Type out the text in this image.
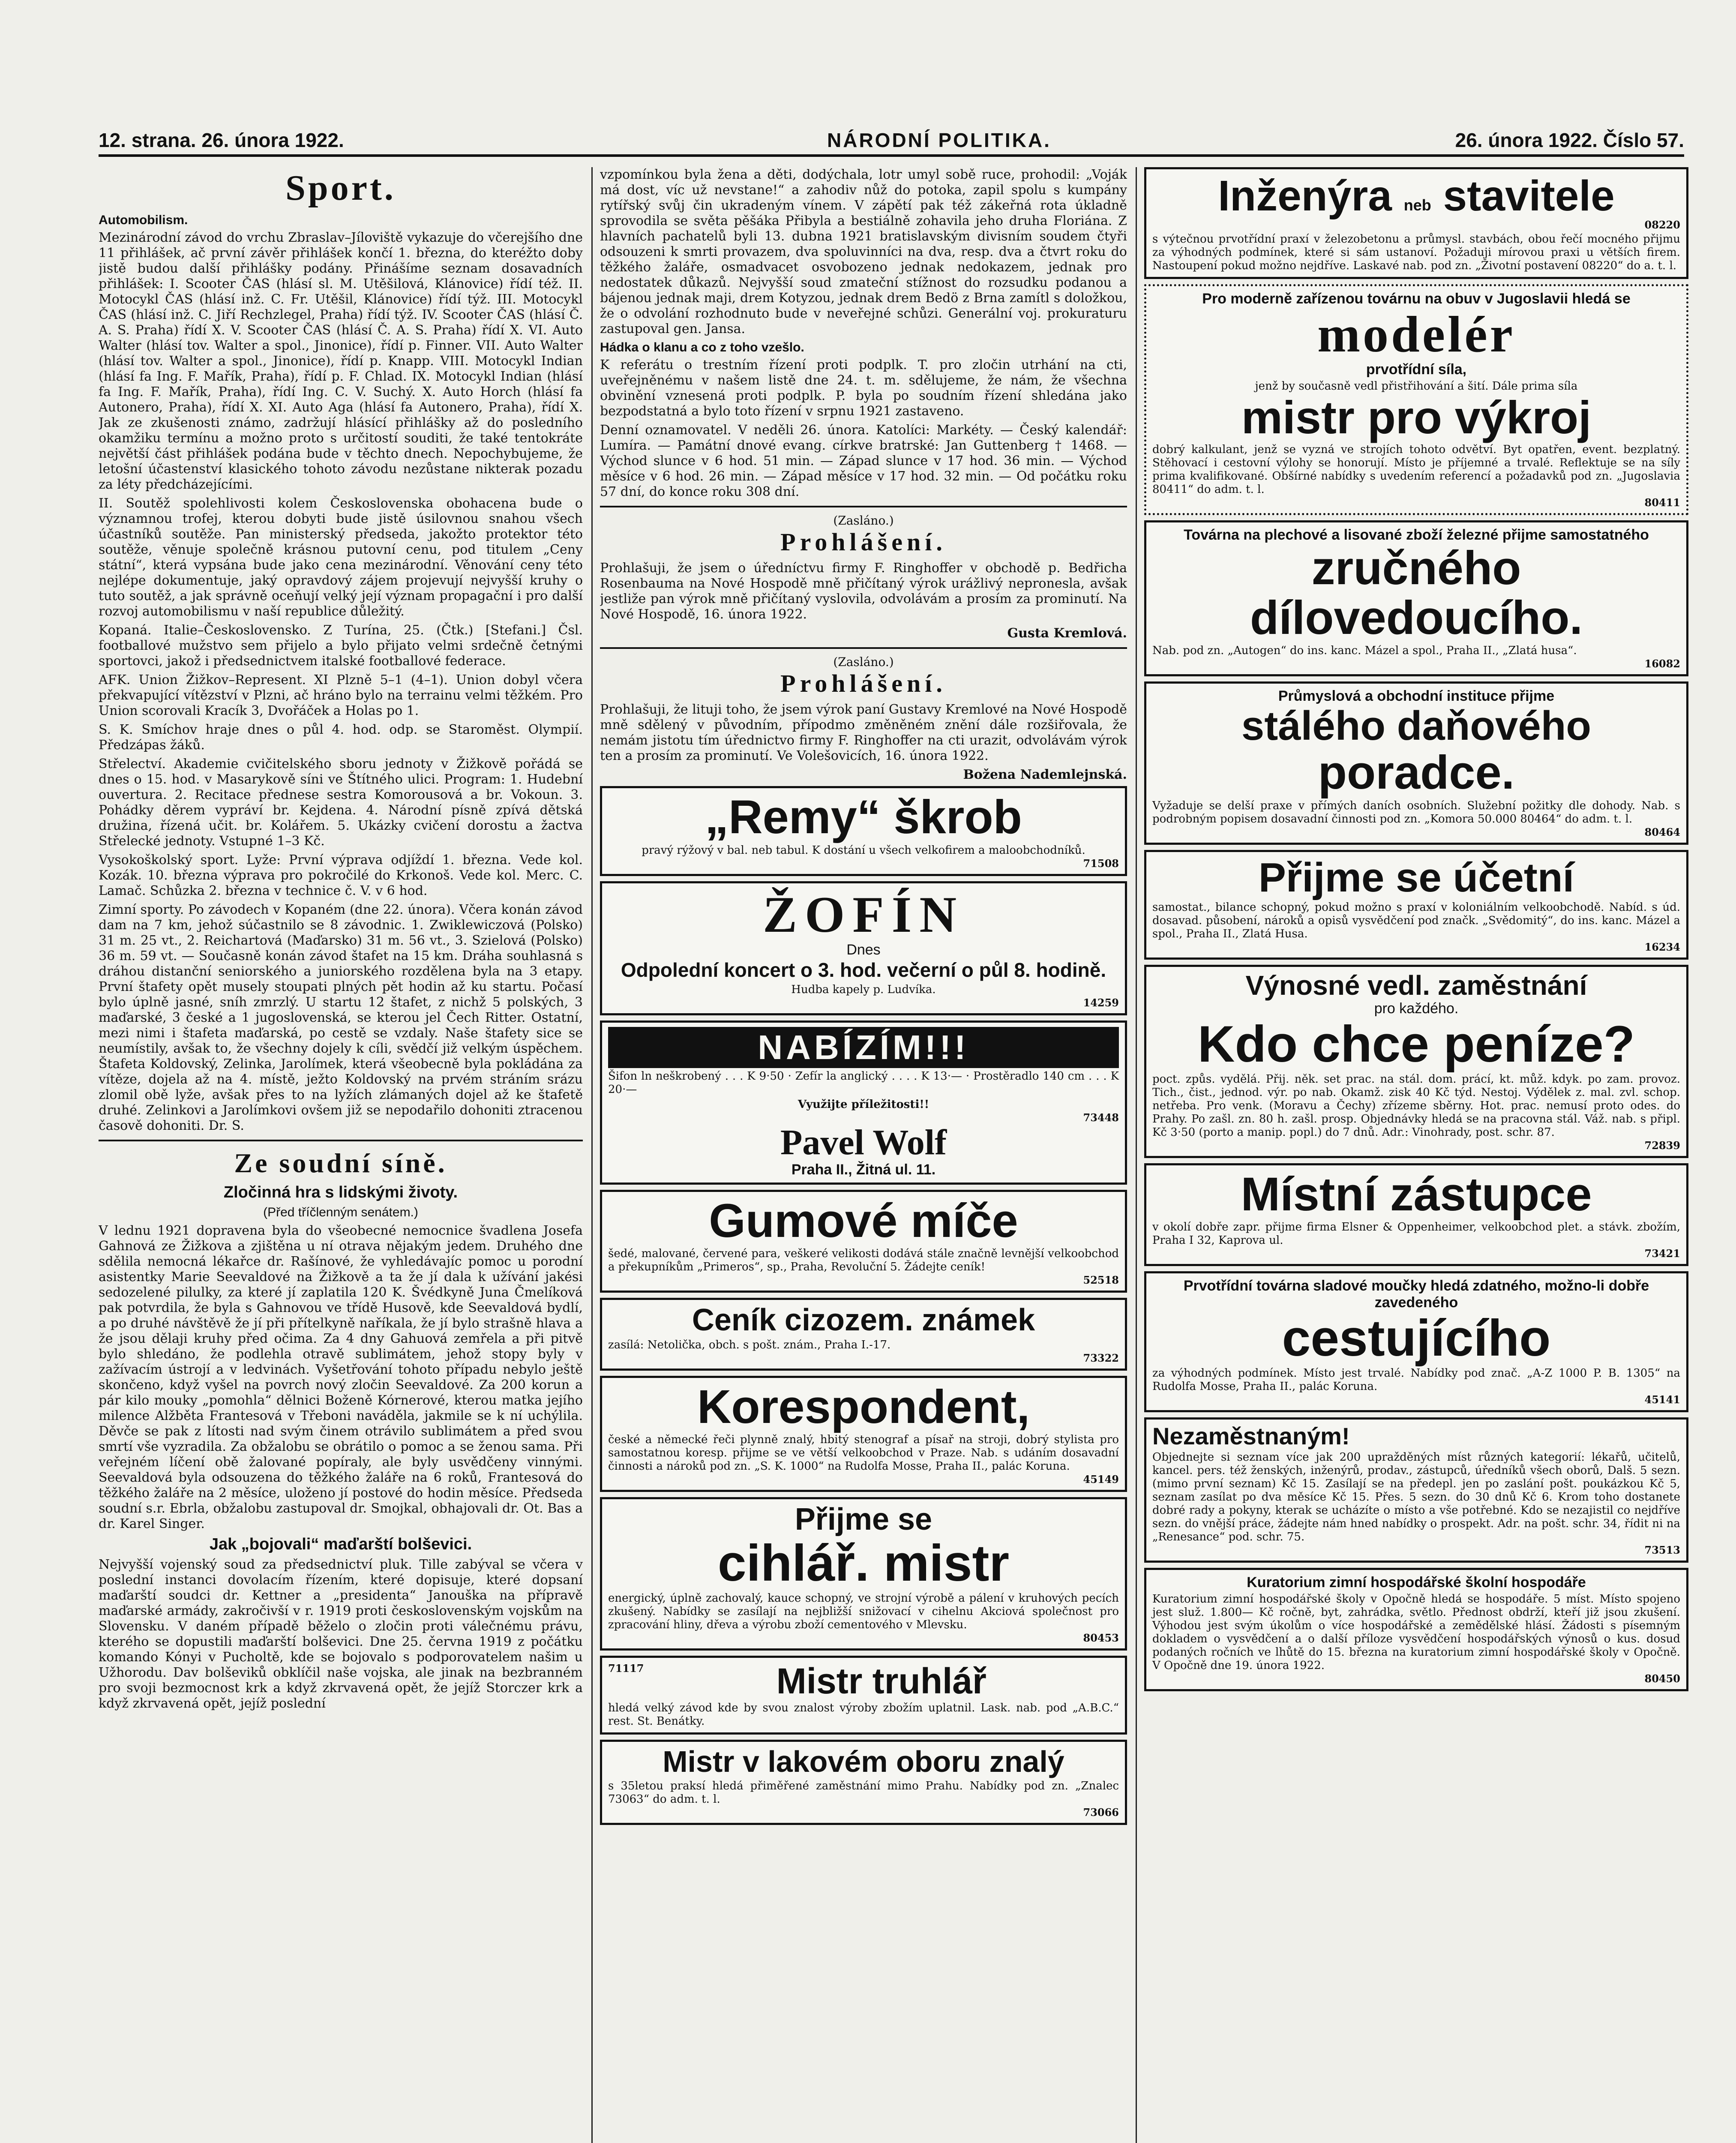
12. strana. 26. února 1922.	NÁRODNÍ POLITIKA.	26. února 1922. Číslo 57.
Sport.
Automobilism.

Mezinárodní závod do vrchu Zbraslav–Jíloviště vykazuje do včerejšího dne 11 přihlášek, ač první závěr přihlášek končí 1. března, do kteréžto doby jistě budou další přihlášky podány. Přinášíme seznam dosavadních přihlášek: I. Scooter ČAS (hlásí sl. M. Utěšilová, Klánovice) řídí též. II. Motocykl ČAS (hlásí inž. C. Fr. Utěšil, Klánovice) řídí týž. III. Motocykl ČAS (hlásí inž. C. Jiří Rechzlegel, Praha) řídí týž. IV. Scooter ČAS (hlásí Č. A. S. Praha) řídí X. V. Scooter ČAS (hlásí Č. A. S. Praha) řídí X. VI. Auto Walter (hlásí tov. Walter a spol., Jinonice), řídí p. Finner. VII. Auto Walter (hlásí tov. Walter a spol., Jinonice), řídí p. Knapp. VIII. Motocykl Indian (hlásí fa Ing. F. Mařík, Praha), řídí p. F. Chlad. IX. Motocykl Indian (hlásí fa Ing. F. Mařík, Praha), řídí Ing. C. V. Suchý. X. Auto Horch (hlásí fa Autonero, Praha), řídí X. XI. Auto Aga (hlásí fa Autonero, Praha), řídí X. Jak ze zkušenosti známo, zadržují hlásící přihlášky až do posledního okamžiku termínu a možno proto s určitostí souditi, že také tentokráte největší část přihlášek podána bude v těchto dnech. Nepochybujeme, že letošní účastenství klasického tohoto závodu nezůstane nikterak pozadu za léty předcházejícími.

II. Soutěž spolehlivosti kolem Československa obohacena bude o významnou trofej, kterou dobyti bude jistě úsilovnou snahou všech účastníků soutěže. Pan ministerský předseda, jakožto protektor této soutěže, věnuje společně krásnou putovní cenu, pod titulem „Ceny státní“, která vypsána bude jako cena mezinárodní. Věnování ceny této nejlépe dokumentuje, jaký opravdový zájem projevují nejvyšší kruhy o tuto soutěž, a jak správně oceňují velký její význam propagační i pro další rozvoj automobilismu v naší republice důležitý.

Kopaná. Italie–Československo. Z Turína, 25. (Čtk.) [Stefani.] Čsl. footballové mužstvo sem přijelo a bylo přijato velmi srdečně četnými sportovci, jakož i předsednictvem italské footballové federace.

AFK. Union Žižkov–Represent. XI Plzně 5–1 (4–1). Union dobyl včera překvapující vítězství v Plzni, ač hráno bylo na terrainu velmi těžkém. Pro Union scorovali Kracík 3, Dvořáček a Holas po 1.

S. K. Smíchov hraje dnes o půl 4. hod. odp. se Staroměst. Olympií. Předzápas žáků.

Střelectví. Akademie cvičitelského sboru jednoty v Žižkově pořádá se dnes o 15. hod. v Masarykově síni ve Štítného ulici. Program: 1. Hudební ouvertura. 2. Recitace přednese sestra Komorousová a br. Vokoun. 3. Pohádky děrem vypráví br. Kejdena. 4. Národní písně zpívá dětská družina, řízená učit. br. Kolářem. 5. Ukázky cvičení dorostu a žactva Střelecké jednoty. Vstupné 1–3 Kč.

Vysokoškolský sport. Lyže: První výprava odjíždí 1. března. Vede kol. Kozák. 10. března výprava pro pokročilé do Krkonoš. Vede kol. Merc. C. Lamač. Schůzka 2. března v technice č. V. v 6 hod.

Zimní sporty. Po závodech v Kopaném (dne 22. února). Včera konán závod dam na 7 km, jehož súčastnilo se 8 závodnic. 1. Zwiklewiczová (Polsko) 31 m. 25 vt., 2. Reichartová (Maďarsko) 31 m. 56 vt., 3. Szielová (Polsko) 36 m. 59 vt. — Současně konán závod štafet na 15 km. Dráha souhlasná s dráhou distanční seniorského a juniorského rozdělena byla na 3 etapy. První štafety opět musely stoupati plných pět hodin až ku startu. Počasí bylo úplně jasné, sníh zmrzlý. U startu 12 štafet, z nichž 5 polských, 3 maďarské, 3 české a 1 jugoslovenská, se kterou jel Čech Ritter. Ostatní, mezi nimi i štafeta maďarská, po cestě se vzdaly. Naše štafety sice se neumístily, avšak to, že všechny dojely k cíli, svědčí již velkým úspěchem. Štafeta Koldovský, Zelinka, Jarolímek, která všeobecně byla pokládána za vítěze, dojela až na 4. místě, ježto Koldovský na prvém stráním srázu zlomil obě lyže, avšak přes to na lyžích zlámaných dojel až ke štafetě druhé. Zelinkovi a Jarolímkovi ovšem již se nepodařilo dohoniti ztracenou časově dohoniti. Dr. S.

Ze soudní síně.
Zločinná hra s lidskými životy.
(Před tříčlenným senátem.)

V lednu 1921 dopravena byla do všeobecné nemocnice švadlena Josefa Gahnová ze Žižkova a zjištěna u ní otrava nějakým jedem. Druhého dne sdělila nemocná lékařce dr. Rašínové, že vyhledávajíc pomoc u porodní asistentky Marie Seevaldové na Žižkově a ta že jí dala k užívání jakési sedozelené pilulky, za které jí zaplatila 120 K. Švédkyně Juna Čmelíková pak potvrdila, že byla s Gahnovou ve třídě Husově, kde Seevaldová bydlí, a po druhé návštěvě že jí při přítelkyně naříkala, že jí bylo strašně hlava a že jsou dělaji kruhy před očima. Za 4 dny Gahuová zemřela a při pitvě bylo shledáno, že podlehla otravě sublimátem, jehož stopy byly v zažívacím ústrojí a v ledvinách. Vyšetřování tohoto případu nebylo ještě skončeno, když vyšel na povrch nový zločin Seevaldové. Za 200 korun a pár kilo mouky „pomohla“ dělnici Boženě Kórnerové, kterou matka jejího milence Alžběta Frantesová v Třeboni naváděla, jakmile se k ní uchýlila. Děvče se pak z lítosti nad svým činem otrávilo sublimátem a před svou smrtí vše vyzradila. Za obžalobu se obrátilo o pomoc a se ženou sama. Při veřejném líčení obě žalované popíraly, ale byly usvědčeny vinnými. Seevaldová byla odsouzena do těžkého žaláře na 6 roků, Frantesová do těžkého žaláře na 2 měsíce, uloženo jí postové do hodin měsíce. Předseda soudní s.r. Ebrla, obžalobu zastupoval dr. Smojkal, obhajovali dr. Ot. Bas a dr. Karel Singer.

Jak „bojovali“ maďarští bolševici.

Nejvyšší vojenský soud za předsednictví pluk. Tille zabýval se včera v poslední instanci dovolacím řízením, které dopisuje, které dopsaní maďarští soudci dr. Kettner a „presidenta“ Janouška na přípravě maďarské armády, zakročivší v r. 1919 proti československým vojskům na Slovensku. V daném případě běželo o zločin proti válečnému právu, kterého se dopustili maďarští bolševici. Dne 25. června 1919 z počátku komando Kónyi v Pucholtě, kde se bojovalo s podporovatelem našim u Užhorodu. Dav bolševiků obklíčil naše vojska, ale jinak na bezbranném pro svoji bezmocnost krk a když zkrvavená opět, že jejíž Storczer krk a když zkrvavená opět, jejíž poslední

vzpomínkou byla žena a děti, dodýchala, lotr umyl sobě ruce, prohodil: „Voják má dost, víc už nevstane!“ a zahodiv nůž do potoka, zapil spolu s kumpány rytířský svůj čin ukradeným vínem. V zápětí pak též zákeřná rota úkladně sprovodila se světa pěšáka Přibyla a bestiálně zohavila jeho druha Floriána. Z hlavních pachatelů byli 13. dubna 1921 bratislavským divisním soudem čtyři odsouzeni k smrti provazem, dva spoluvinníci na dva, resp. dva a čtvrt roku do těžkého žaláře, osmadvacet osvobozeno jednak nedokazem, jednak pro nedostatek důkazů. Nejvyšší soud zmateční stížnost do rozsudku podanou a bájenou jednak maji, drem Kotyzou, jednak drem Bedö z Brna zamítl s doložkou, že o odvolání rozhodnuto bude v neveřejné schůzi. Generální voj. prokuraturu zastupoval gen. Jansa.

Hádka o klanu a co z toho vzešlo.

K referátu o trestním řízení proti podplk. T. pro zločin utrhání na cti, uveřejněnému v našem listě dne 24. t. m. sdělujeme, že nám, že všechna obvinění vznesená proti podplk. P. byla po soudním řízení shledána jako bezpodstatná a bylo toto řízení v srpnu 1921 zastaveno.

Denní oznamovatel. V neděli 26. února. Katolíci: Markéty. — Český kalendář: Lumíra. — Památní dnové evang. církve bratrské: Jan Guttenberg † 1468. — Východ slunce v 6 hod. 51 min. — Západ slunce v 17 hod. 36 min. — Východ měsíce v 6 hod. 26 min. — Západ měsíce v 17 hod. 32 min. — Od počátku roku 57 dní, do konce roku 308 dní.

(Zasláno.)
Prohlášení.

Prohlašuji, že jsem o úředníctvu firmy F. Ringhoffer v obchodě p. Bedřicha Rosenbauma na Nové Hospodě mně přičítaný výrok urážlivý nepronesla, avšak jestliže pan výrok mně přičítaný vyslovila, odvolávám a prosím za prominutí. Na Nové Hospodě, 16. února 1922.

Gusta Kremlová.

(Zasláno.)
Prohlášení.

Prohlašuji, že lituji toho, že jsem výrok paní Gustavy Kremlové na Nové Hospodě mně sdělený v původním, přípodmo změněném znění dále rozšiřovala, že nemám jistotu tím úřednictvo firmy F. Ringhoffer na cti urazit, odvolávám výrok ten a prosím za prominutí. Ve Volešovicích, 16. února 1922.

Božena Nademlejnská.

„Remy“ škrob

pravý rýžový v bal. neb tabul. K dostání u všech velkofirem a maloobchodníků.

71508
ŽOFÍN
Dnes
Odpolední koncert o 3. hod. večerní o půl 8. hodině.

Hudba kapely p. Ludvíka.

14259
NABÍZÍM!!!

Šifon ln neškrobený . . . K 9·50 · Zefír la anglický . . . . K 13·— · Prostěradlo 140 cm . . . K 20·—

Využijte příležitosti!!

73448
Pavel Wolf
Praha II., Žitná ul. 11.
Gumové míče

šedé, malované, červené para, veškeré velikosti dodává stále značně levnější velkoobchod a překupníkům „Primeros“, sp., Praha, Revoluční 5. Žádejte ceník!

52518
Ceník cizozem. známek

zasílá: Netolička, obch. s pošt. znám., Praha I.-17.

73322
Korespondent,

české a německé řeči plynně znalý, hbitý stenograf a písař na stroji, dobrý stylista pro samostatnou koresp. přijme se ve větší velkoobchod v Praze. Nab. s udáním dosavadní činnosti a nároků pod zn. „S. K. 1000“ na Rudolfa Mosse, Praha II., palác Koruna.

45149
Přijme se
cihlář. mistr

energický, úplně zachovalý, kauce schopný, ve strojní výrobě a pálení v kruhových pecích zkušený. Nabídky se zasílají na nejbližší snižovací v cihelnu Akciová společnost pro zpracování hliny, dřeva a výrobu zboží cementového v Mlevsku.

80453
71117	Mistr truhlář

hledá velký závod kde by svou znalost výroby zbožím uplatnil. Lask. nab. pod „A.B.C.“ rest. St. Benátky.

Mistr v lakovém oboru znalý

s 35letou praksí hledá přiměřené zaměstnání mimo Prahu. Nabídky pod zn. „Znalec 73063“ do adm. t. l.

73066
Inženýra neb stavitele
08220

s výtečnou prvotřídní praxí v železobetonu a průmysl. stavbách, obou řečí mocného přijmu za výhodných podmínek, které si sám ustanoví. Požaduji mírovou praxi u větších firem. Nastoupení pokud možno nejdříve. Laskavé nab. pod zn. „Životní postavení 08220“ do a. t. l.

Pro moderně zařízenou továrnu na obuv v Jugoslavii hledá se
modelér
prvotřídní síla,

jenž by současně vedl přistřihování a šití. Dále prima síla

mistr pro výkroj

dobrý kalkulant, jenž se vyzná ve strojích tohoto odvětví. Byt opatřen, event. bezplatný. Stěhovací i cestovní výlohy se honorují. Místo je příjemné a trvalé. Reflektuje se na síly prima kvalifikované. Obšírné nabídky s uvedením referencí a požadavků pod zn. „Jugoslavia 80411“ do adm. t. l.

80411
Továrna na plechové a lisované zboží železné přijme samostatného
zručného
dílovedoucího.

Nab. pod zn. „Autogen“ do ins. kanc. Mázel a spol., Praha II., „Zlatá husa“.

16082
Průmyslová a obchodní instituce přijme
stálého daňového
poradce.

Vyžaduje se delší praxe v přímých daních osobních. Služební požitky dle dohody. Nab. s podrobným popisem dosavadní činnosti pod zn. „Komora 50.000 80464“ do adm. t. l.

80464
Přijme se účetní

samostat., bilance schopný, pokud možno s praxí v koloniálním velkoobchodě. Nabíd. s úd. dosavad. působení, nároků a opisů vysvědčení pod značk. „Svědomitý“, do ins. kanc. Mázel a spol., Praha II., Zlatá Husa.

16234
Výnosné vedl. zaměstnání
pro každého.
Kdo chce peníze?

poct. způs. vydělá. Přij. něk. set prac. na stál. dom. prácí, kt. můž. kdyk. po zam. provoz. Tich., čist., jednod. výr. po nab. Okamž. zisk 40 Kč týd. Nestoj. Výdělek z. mal. zvl. schop. netřeba. Pro venk. (Moravu a Čechy) zřízeme sběrny. Hot. prac. nemusí proto odes. do Prahy. Po zašl. zn. 80 h. zašl. prosp. Objednávky hledá se na pracovna stál. Váž. nab. s připl. Kč 3·50 (porto a manip. popl.) do 7 dnů. Adr.: Vinohrady, post. schr. 87.

72839
Místní zástupce

v okolí dobře zapr. přijme firma Elsner & Oppenheimer, velkoobchod plet. a stávk. zbožím, Praha I 32, Kaprova ul.

73421
Prvotřídní továrna sladové moučky hledá zdatného, možno-li dobře zavedeného
cestujícího

za výhodných podmínek. Místo jest trvalé. Nabídky pod znač. „A-Z 1000 P. B. 1305“ na Rudolfa Mosse, Praha II., palác Koruna.

45141
Nezaměstnaným!

Objednejte si seznam více jak 200 upražděných míst různých kategorií: lékařů, učitelů, kancel. pers. též ženských, inženýrů, prodav., zástupců, úředníků všech oborů, Dalš. 5 sezn. (mimo první seznam) Kč 15. Zasílají se na předepl. jen po zaslání pošt. poukázkou Kč 5, seznam zasílat po dva měsíce Kč 15. Přes. 5 sezn. do 30 dnů Kč 6. Krom toho dostanete dobré rady a pokyny, kterak se ucházíte o místo a vše potřebné. Kdo se nezajistil co nejdříve sezn. do vnější práce, žádejte nám hned nabídky o prospekt. Adr. na pošt. schr. 34, řídit ni na „Renesance“ pod. schr. 75.

73513
Kuratorium zimní hospodářské školní hospodáře

Kuratorium zimní hospodářské školy v Opočně hledá se hospodáře. 5 míst. Místo spojeno jest služ. 1.800— Kč ročně, byt, zahrádka, světlo. Přednost obdrží, kteří již jsou zkušení. Výhodou jest svým úkolům o více hospodářské a zemědělské hlásí. Žádosti s písemným dokladem o vysvědčení a o další příloze vysvědčení hospodářských výnosů o kus. dosud podaných ročních ve lhůtě do 15. března na kuratorium zimní hospodářské školy v Opočně. V Opočně dne 19. února 1922.

80450
